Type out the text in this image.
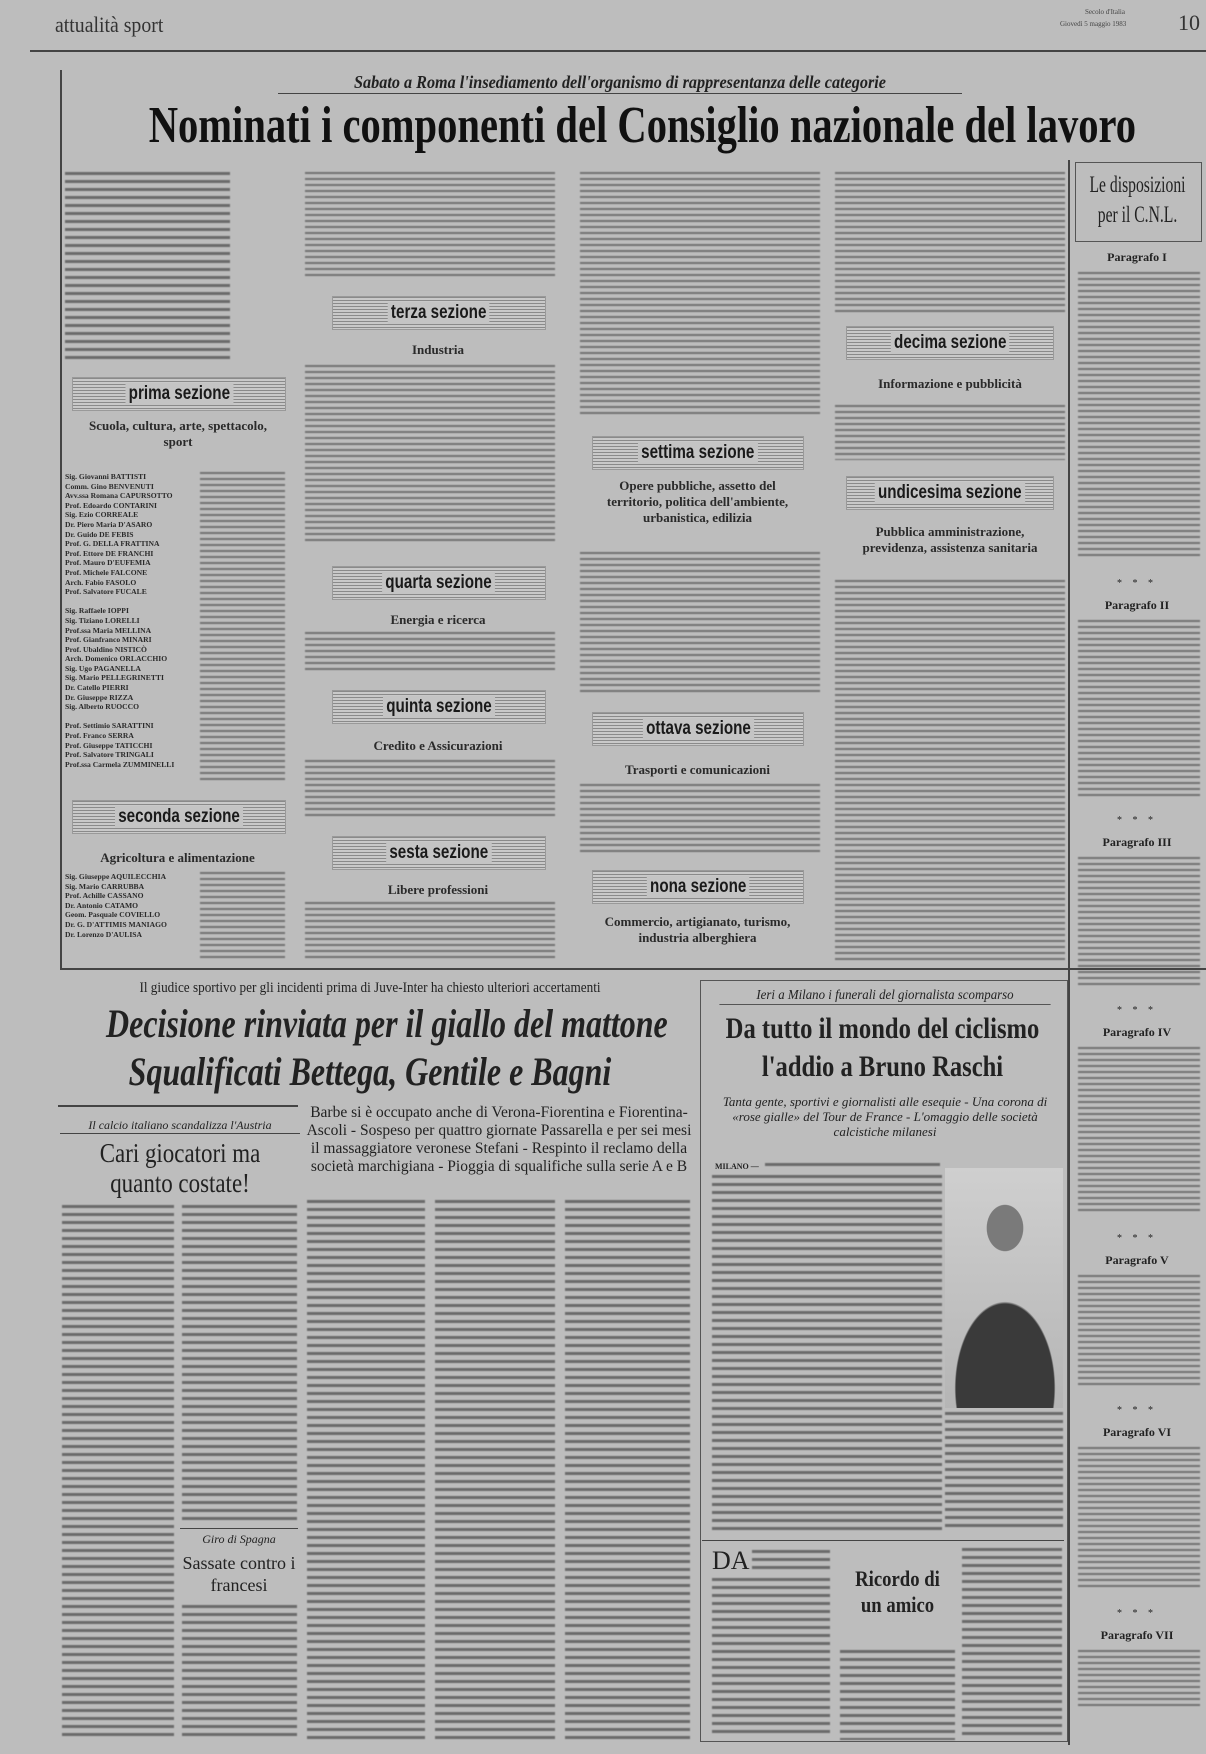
attualità sport	Secolo d'Italia
Giovedì 5 maggio 1983 10
Sabato a Roma l'insediamento dell'organismo di rappresentanza delle categorie
Nominati i componenti del Consiglio nazionale del lavoro
prima sezione
Scuola, cultura, arte, spettacolo, sport
Sig. Giovanni BATTISTI
Comm. Gino BENVENUTI
Avv.ssa Romana CAPURSOTTO
Prof. Edoardo CONTARINI
Sig. Ezio CORREALE
Dr. Piero Maria D'ASARO
Dr. Guido DE FEBIS
Prof. G. DELLA FRATTINA
Prof. Ettore DE FRANCHI
Prof. Mauro D'EUFEMIA
Prof. Michele FALCONE
Arch. Fabio FASOLO
Prof. Salvatore FUCALE

Sig. Raffaele IOPPI
Sig. Tiziano LORELLI
Prof.ssa Maria MELLINA
Prof. Gianfranco MINARI
Prof. Ubaldino NISTICÒ
Arch. Domenico ORLACCHIO
Sig. Ugo PAGANELLA
Sig. Mario PELLEGRINETTI
Dr. Catello PIERRI
Dr. Giuseppe RIZZA
Sig. Alberto RUOCCO

Prof. Settimio SARATTINI
Prof. Franco SERRA
Prof. Giuseppe TATICCHI
Prof. Salvatore TRINGALI
Prof.ssa Carmela ZUMMINELLI
seconda sezione
Agricoltura e alimentazione
Sig. Giuseppe AQUILECCHIA
Sig. Mario CARRUBBA
Prof. Achille CASSANO
Dr. Antonio CATAMO
Geom. Pasquale COVIELLO
Dr. G. D'ATTIMIS MANIAGO
Dr. Lorenzo D'AULISA
terza sezione
Industria
quarta sezione
Energia e ricerca
quinta sezione
Credito e Assicurazioni
sesta sezione
Libere professioni
settima sezione
Opere pubbliche, assetto del territorio, politica dell'ambiente, urbanistica, edilizia
ottava sezione
Trasporti e comunicazioni
nona sezione
Commercio, artigianato, turismo, industria alberghiera
decima sezione
Informazione e pubblicità
undicesima sezione
Pubblica amministrazione, previdenza, assistenza sanitaria
Le disposizioni per il C.N.L.
Paragrafo I
Paragrafo II
* * *
Paragrafo III
* * *
Paragrafo IV
* * *
Paragrafo V
* * *
Paragrafo VI
* * *
Paragrafo VII
* * *
Il giudice sportivo per gli incidenti prima di Juve-Inter ha chiesto ulteriori accertamenti
Decisione rinviata per il giallo del mattone
Squalificati Bettega, Gentile e Bagni
Barbe si è occupato anche di Verona-Fiorentina e Fiorentina-Ascoli - Sospeso per quattro giornate Passarella e per sei mesi il massaggiatore veronese Stefani - Respinto il reclamo della società marchigiana - Pioggia di squalifiche sulla serie A e B
Il calcio italiano scandalizza l'Austria
Cari giocatori ma quanto costate!
Giro di Spagna
Sassate contro i francesi
Ieri a Milano i funerali del giornalista scomparso
Da tutto il mondo del ciclismo
l'addio a Bruno Raschi
Tanta gente, sportivi e giornalisti alle esequie - Una corona di «rose gialle» del Tour de France - L'omaggio delle società calcistiche milanesi
MILANO —
DA
Ricordo di un amico
